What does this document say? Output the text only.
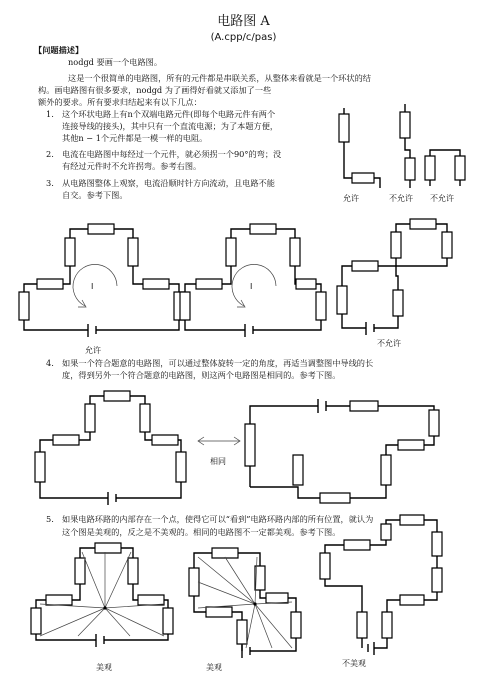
电路图 A
(A.cpp/c/pas)
【问题描述】
nodgd 要画一个电路图。
这是一个很简单的电路图，所有的元件都是串联关系，从整体来看就是一个环状的结
构。画电路图有很多要求，nodgd 为了画得好看就又添加了一些
额外的要求。所有要求归结起来有以下几点：
1. 这个环状电路上有n个双端电路元件(即每个电路元件有两个
连接导线的接头)，其中只有一个直流电源；为了本题方便，
其他n − 1个元件都是一模一样的电阻。
2. 电流在电路图中每经过一个元件，就必须拐一个90°的弯；没
有经过元件时不允许拐弯。参考右图。
3. 从电路图整体上观察，电流沿顺时针方向流动，且电路不能
自交。参考下图。
4. 如果一个符合题意的电路图，可以通过整体旋转一定的角度，再适当调整图中导线的长
度，得到另外一个符合题意的电路图，则这两个电路图是相同的。参考下图。
5. 如果电路环路的内部存在一个点，使得它可以“看到”电路环路内部的所有位置，就认为
这个图是美观的，反之是不美观的。相同的电路图不一定都美观。参考下图。
允许	不允许 不允许
允许
不允许
相同
美观	美观	不美观
I	I
